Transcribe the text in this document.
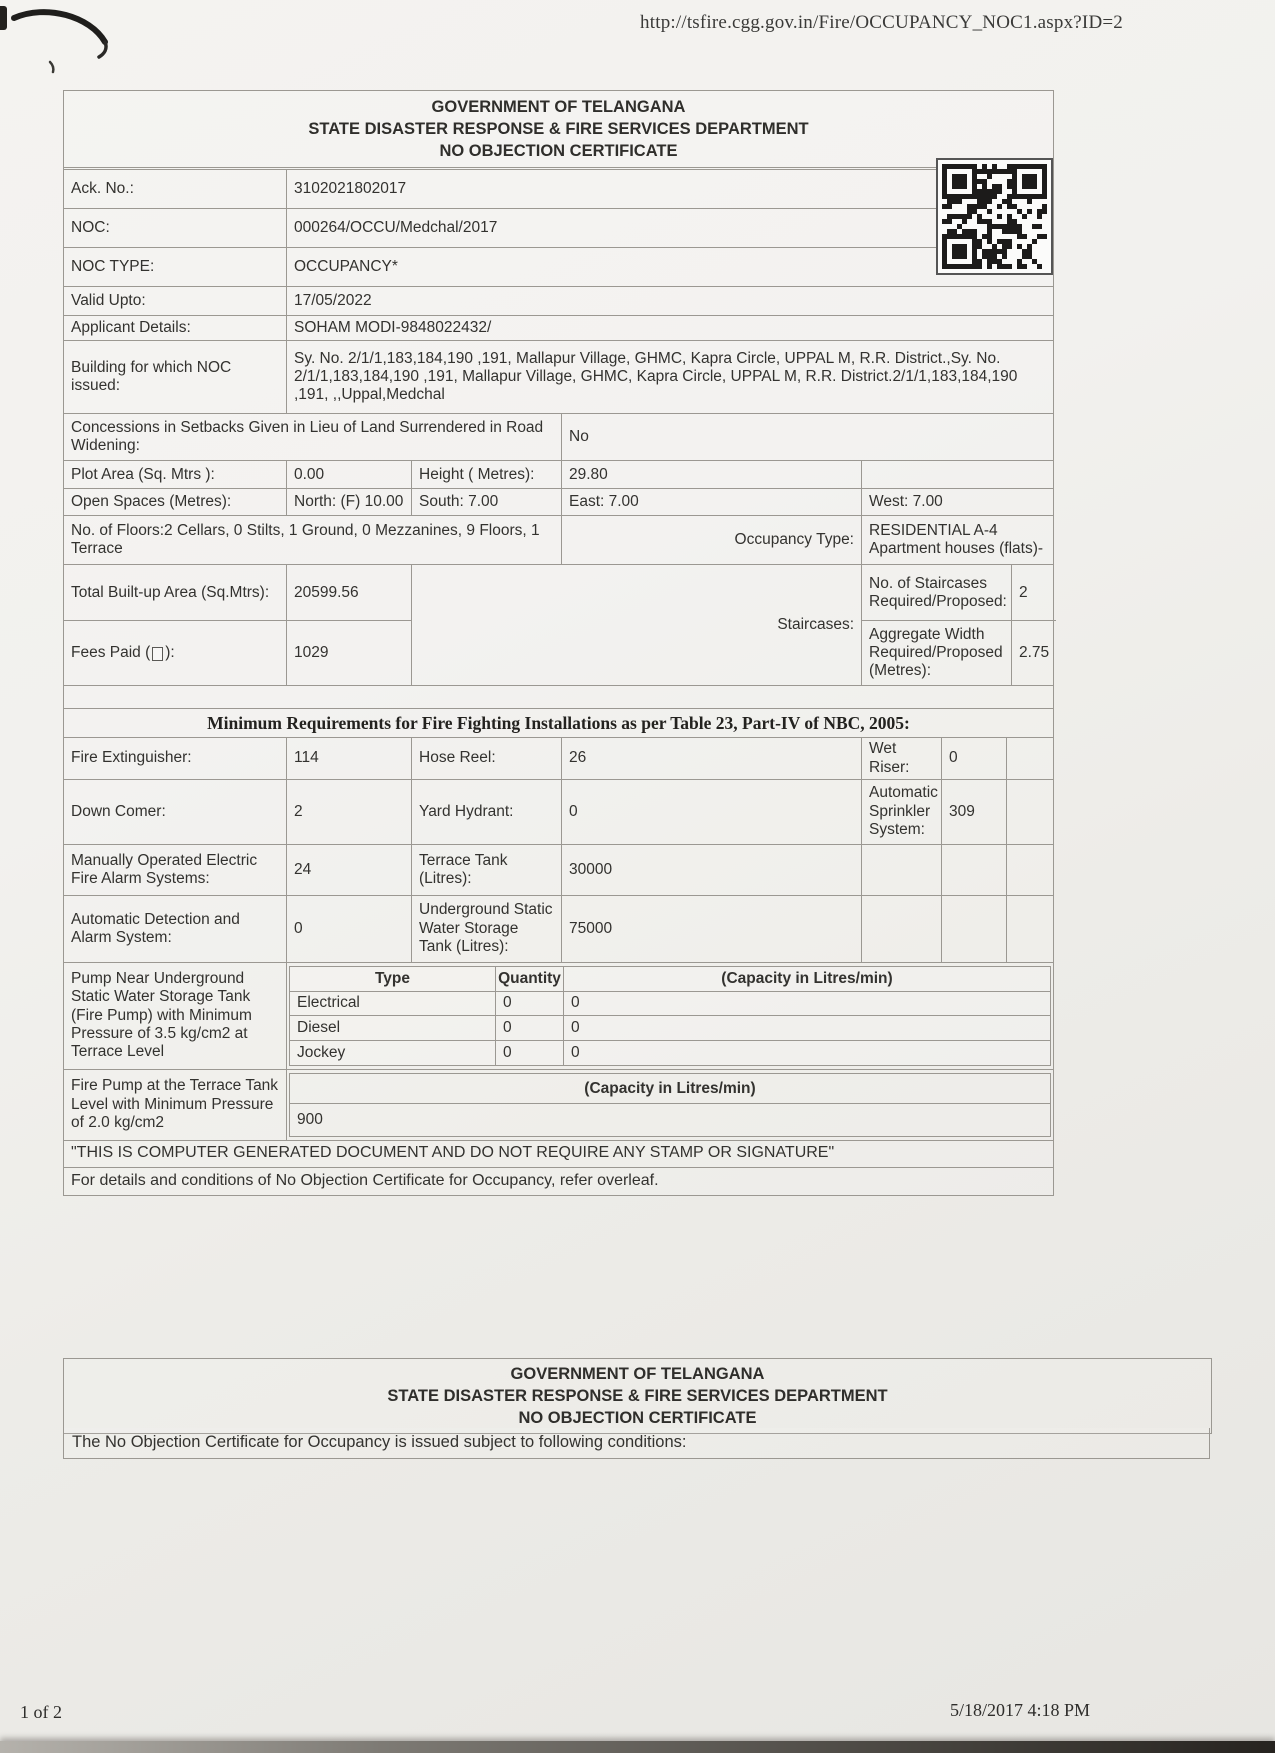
http://tsfire.cgg.gov.in/Fire/OCCUPANCY_NOC1.aspx?ID=2
GOVERNMENT OF TELANGANA
STATE DISASTER RESPONSE & FIRE SERVICES DEPARTMENT
NO OBJECTION CERTIFICATE
Ack. No.:	3102021802017
NOC:	000264/OCCU/Medchal/2017
NOC TYPE:	OCCUPANCY*
Valid Upto:	17/05/2022
Applicant Details:	SOHAM MODI-9848022432/
Building for which NOC issued:
Sy. No. 2/1/1,183,184,190 ,191, Mallapur Village, GHMC, Kapra Circle, UPPAL M, R.R. District.,Sy. No. 2/1/1,183,184,190 ,191, Mallapur Village, GHMC, Kapra Circle, UPPAL M, R.R. District.2/1/1,183,184,190 ,191, ,,Uppal,Medchal
Concessions in Setbacks Given in Lieu of Land Surrendered in Road Widening:
No
Plot Area (Sq. Mtrs ):	0.00	Height ( Metres):	29.80
Open Spaces (Metres):	North: (F) 10.00	South: 7.00	East: 7.00	West: 7.00
No. of Floors:2 Cellars, 0 Stilts, 1 Ground, 0 Mezzanines, 9 Floors, 1 Terrace
Occupancy Type:
RESIDENTIAL A-4 Apartment houses (flats)-
Total Built-up Area (Sq.Mtrs):	20599.56
Fees Paid ( ):	1029
Staircases:
No. of Staircases Required/Proposed:
2
Aggregate Width Required/Proposed (Metres):
2.75
Minimum Requirements for Fire Fighting Installations as per Table 23, Part-IV of NBC, 2005:
Fire Extinguisher:	114	Hose Reel:	26
Wet Riser:
0
Down Comer:	2	Yard Hydrant:	0
Automatic Sprinkler System:
309
Manually Operated Electric Fire Alarm Systems:
24
Terrace Tank (Litres):
30000
Automatic Detection and Alarm System:
0
Underground Static Water Storage Tank (Litres):
75000
Pump Near Underground Static Water Storage Tank (Fire Pump) with Minimum Pressure of 3.5 kg/cm2 at Terrace Level
Type	Quantity	(Capacity in Litres/min)
Electrical	0	0
Diesel	0	0
Jockey	0	0
Fire Pump at the Terrace Tank Level with Minimum Pressure of 2.0 kg/cm2
(Capacity in Litres/min)
900
"THIS IS COMPUTER GENERATED DOCUMENT AND DO NOT REQUIRE ANY STAMP OR SIGNATURE"
For details and conditions of No Objection Certificate for Occupancy, refer overleaf.
GOVERNMENT OF TELANGANA
STATE DISASTER RESPONSE & FIRE SERVICES DEPARTMENT
NO OBJECTION CERTIFICATE
The No Objection Certificate for Occupancy is issued subject to following conditions:
1 of 2	5/18/2017 4:18 PM
